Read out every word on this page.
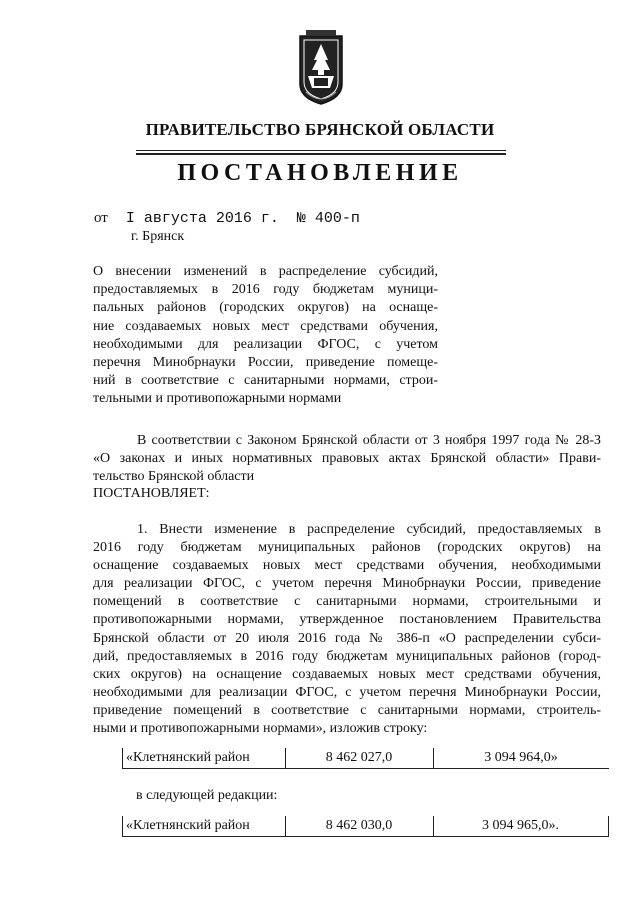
ПРАВИТЕЛЬСТВО БРЯНСКОЙ ОБЛАСТИ
ПОСТАНОВЛЕНИЕ
от I августа 2016 г. № 400-п
г. Брянск
О внесении изменений в распределение субсидий,
предоставляемых в 2016 году бюджетам муници-
пальных районов (городских округов) на оснаще-
ние создаваемых новых мест средствами обучения,
необходимыми для реализации ФГОС, с учетом
перечня Минобрнауки России, приведение помеще-
ний в соответствие с санитарными нормами, строи-
тельными и противопожарными нормами
В соответствии с Законом Брянской области от 3 ноября 1997 года № 28-З
«О законах и иных нормативных правовых актах Брянской области» Прави-
тельство Брянской области
ПОСТАНОВЛЯЕТ:
1. Внести изменение в распределение субсидий, предоставляемых в
2016 году бюджетам муниципальных районов (городских округов) на
оснащение создаваемых новых мест средствами обучения, необходимыми
для реализации ФГОС, с учетом перечня Минобрнауки России, приведение
помещений в соответствие с санитарными нормами, строительными и
противопожарными нормами, утвержденное постановлением Правительства
Брянской области от 20 июля 2016 года № 386-п «О распределении субси-
дий, предоставляемых в 2016 году бюджетам муниципальных районов (город-
ских округов) на оснащение создаваемых новых мест средствами обучения,
необходимыми для реализации ФГОС, с учетом перечня Минобрнауки России,
приведение помещений в соответствие с санитарными нормами, строитель-
ными и противопожарными нормами», изложив строку:
«Клетнянский район	8 462 027,0	3 094 964,0»
в следующей редакции:
«Клетнянский район	8 462 030,0	3 094 965,0».
